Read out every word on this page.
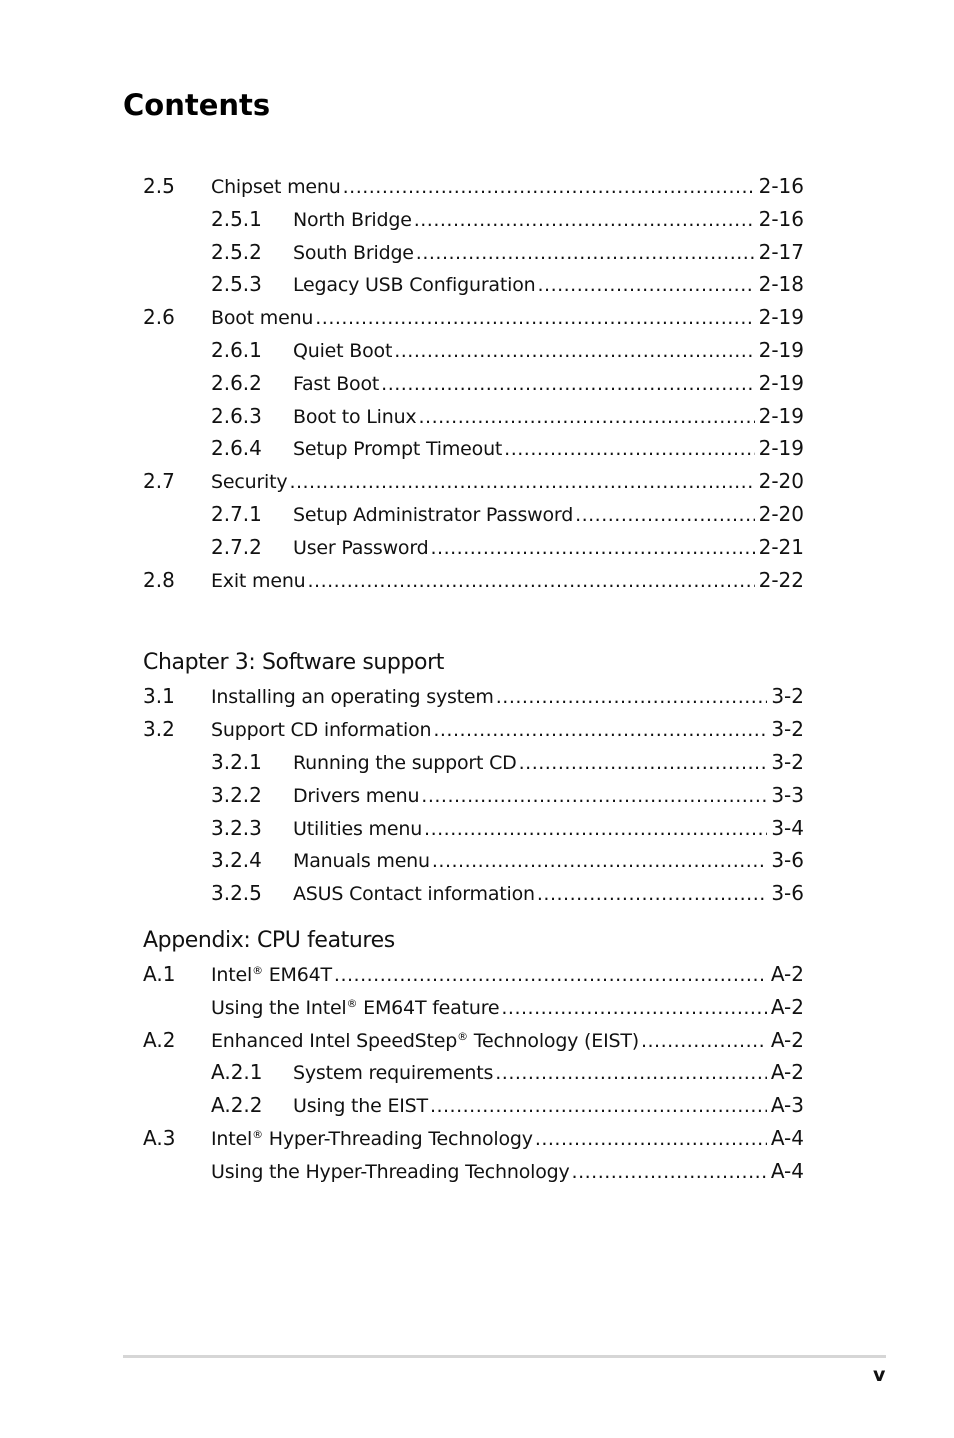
Contents
2.5 Chipset menu .....	2-16
2.5.1 North Bridge .....	2-16
2.5.2 South Bridge .....	2-17
2.5.3 Legacy USB Configuration .....	2-18
2.6 Boot menu .....	2-19
2.6.1 Quiet Boot .....	2-19
2.6.2 Fast Boot .....	2-19
2.6.3 Boot to Linux .....	2-19
2.6.4 Setup Prompt Timeout .....	2-19
2.7 Security .....	2-20
2.7.1 Setup Administrator Password .....	2-20
2.7.2 User Password .....	2-21
2.8 Exit menu .....	2-22
Chapter 3: Software support
3.1 Installing an operating system .....	3-2
3.2 Support CD information .....	3-2
3.2.1 Running the support CD .....	3-2
3.2.2 Drivers menu .....	3-3
3.2.3 Utilities menu .....	3-4
3.2.4 Manuals menu .....	3-6
3.2.5 ASUS Contact information .....	3-6
Appendix: CPU features
A.1 Intel® EM64T .....	A-2
Using the Intel® EM64T feature .....	A-2
A.2 Enhanced Intel SpeedStep® Technology (EIST) .....	A-2
A.2.1 System requirements .....	A-2
A.2.2 Using the EIST .....	A-3
A.3 Intel® Hyper-Threading Technology .....	A-4
Using the Hyper-Threading Technology .....	A-4
v
